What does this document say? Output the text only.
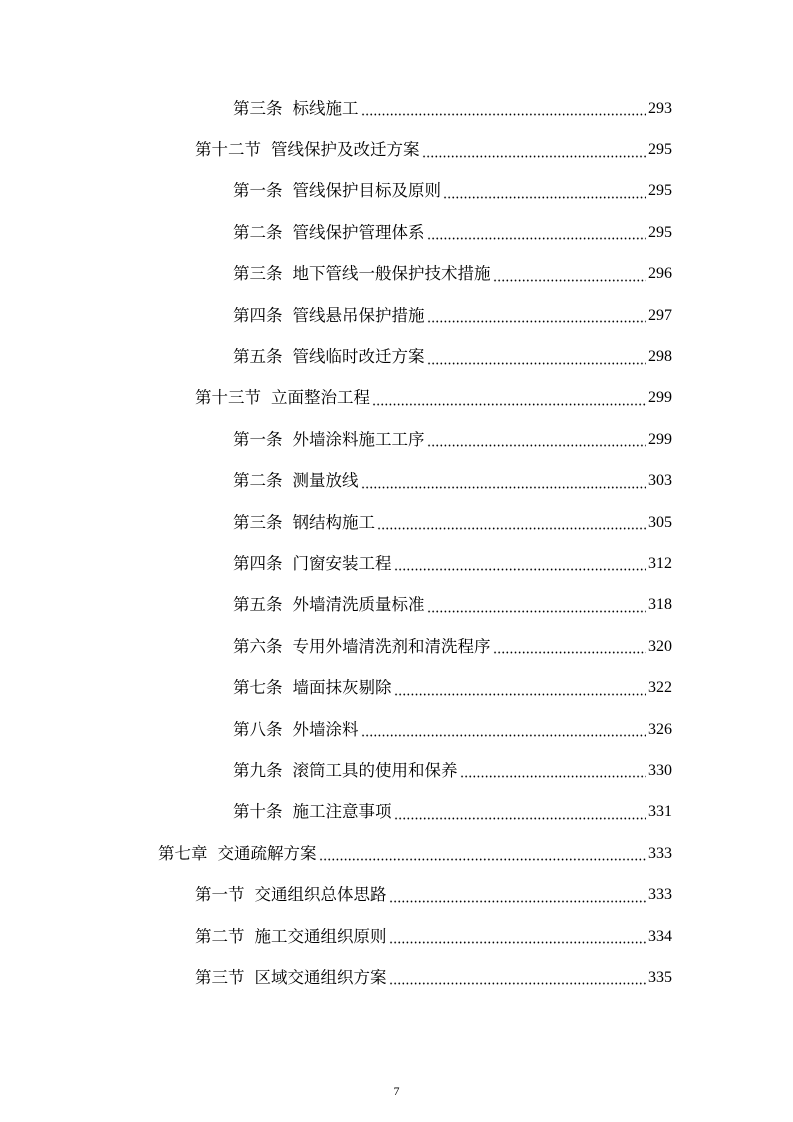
第三条 标线施工	293
第十二节 管线保护及改迁方案	295
第一条 管线保护目标及原则	295
第二条 管线保护管理体系	295
第三条 地下管线一般保护技术措施	296
第四条 管线悬吊保护措施	297
第五条 管线临时改迁方案	298
第十三节 立面整治工程	299
第一条 外墙涂料施工工序	299
第二条 测量放线	303
第三条 钢结构施工	305
第四条 门窗安装工程	312
第五条 外墙清洗质量标准	318
第六条 专用外墙清洗剂和清洗程序	320
第七条 墙面抹灰剔除	322
第八条 外墙涂料	326
第九条 滚筒工具的使用和保养	330
第十条 施工注意事项	331
第七章 交通疏解方案	333
第一节 交通组织总体思路	333
第二节 施工交通组织原则	334
第三节 区域交通组织方案	335
7
